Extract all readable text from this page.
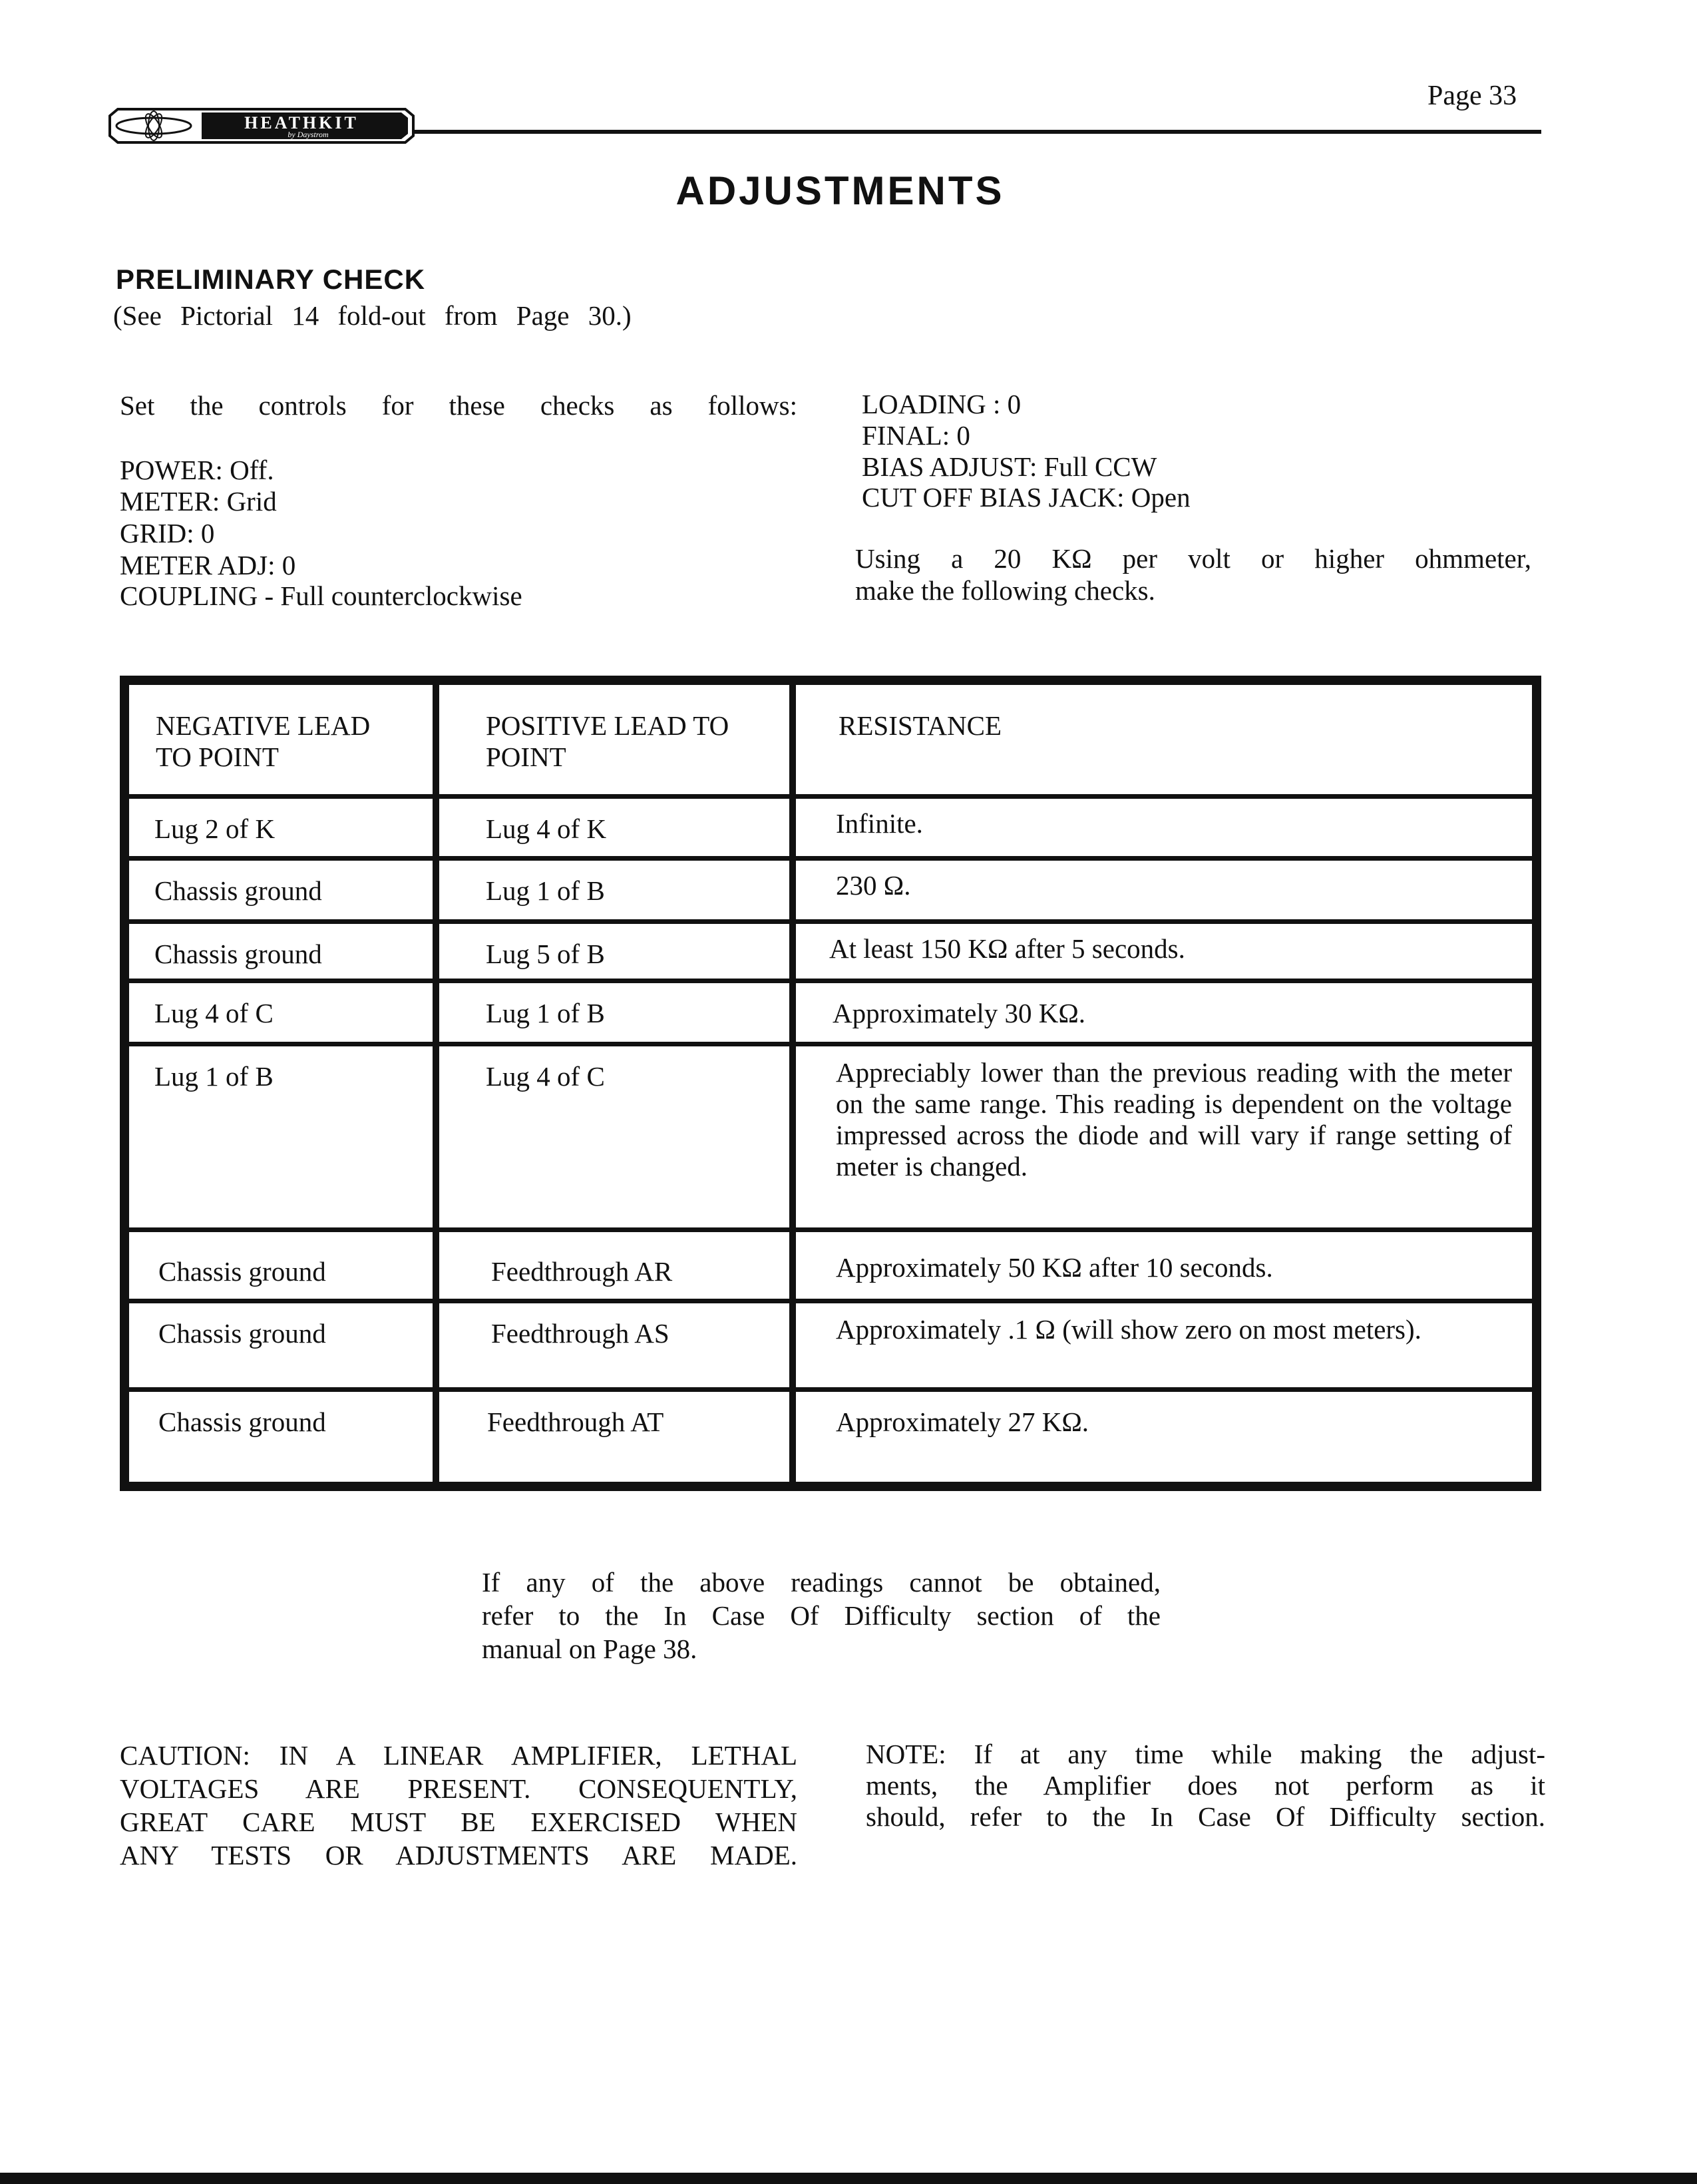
Page 33
HEATHKIT
by Daystrom
ADJUSTMENTS
PRELIMINARY CHECK
(See Pictorial 14 fold-out from Page 30.)
Set the controls for these checks as follows:
POWER: Off.
METER: Grid
GRID: 0
METER ADJ: 0
COUPLING - Full counterclockwise
LOADING : 0
FINAL: 0
BIAS ADJUST: Full CCW
CUT OFF BIAS JACK: Open
Using a 20 KΩ per volt or higher ohmmeter,
make the following checks.
NEGATIVE LEAD TO POINT	POSITIVE LEAD TO POINT	RESISTANCE
Lug 2 of K	Lug 4 of K	Infinite.
Chassis ground	Lug 1 of B	230 Ω.
Chassis ground	Lug 5 of B	At least 150 KΩ after 5 seconds.
Lug 4 of C	Lug 1 of B	Approximately 30 KΩ.
Lug 1 of B	Lug 4 of C	Appreciably lower than the previous reading with the meter on the same range. This reading is dependent on the voltage impressed across the diode and will vary if range setting of meter is changed.
Chassis ground	Feedthrough AR	Approximately 50 KΩ after 10 seconds.
Chassis ground	Feedthrough AS	Approximately .1 Ω (will show zero on most meters).
Chassis ground	Feedthrough AT	Approximately 27 KΩ.
If any of the above readings cannot be obtained,
refer to the In Case Of Difficulty section of the
manual on Page 38.
CAUTION: IN A LINEAR AMPLIFIER, LETHAL
VOLTAGES ARE PRESENT. CONSEQUENTLY,
GREAT CARE MUST BE EXERCISED WHEN
ANY TESTS OR ADJUSTMENTS ARE MADE.
NOTE: If at any time while making the adjust-
ments, the Amplifier does not perform as it
should, refer to the In Case Of Difficulty section.
